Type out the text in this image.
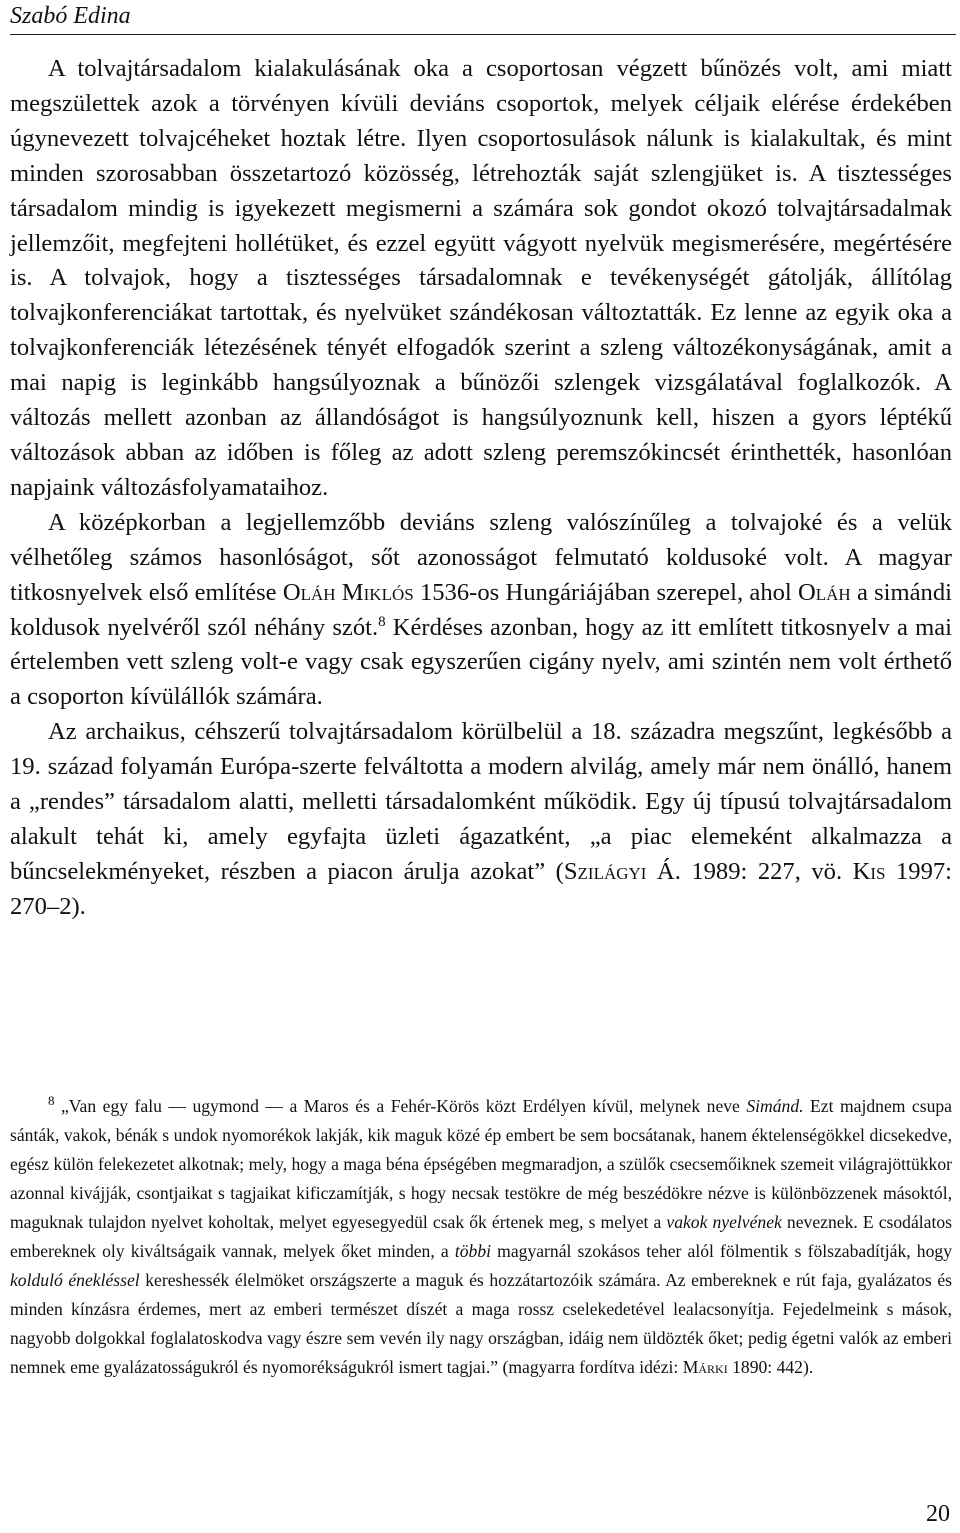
Szabó Edina

A tolvajtársadalom kialakulásának oka a csoportosan végzett bűnözés volt, ami miatt megszülettek azok a törvényen kívüli deviáns csoportok, melyek céljaik elérése érdekében úgynevezett tolvajcéheket hoztak létre. Ilyen csoportosulások nálunk is kialakultak, és mint minden szorosabban összetartozó közösség, létrehozták saját szlengjüket is. A tisztességes társadalom mindig is igyekezett megismerni a számára sok gondot okozó tolvajtársadalmak jellemzőit, megfejteni hollétüket, és ezzel együtt vágyott nyelvük megismerésére, megértésére is. A tolvajok, hogy a tisztességes társadalomnak e tevékenységét gátolják, állítólag tolvajkonferenciákat tartottak, és nyelvüket szándékosan változtatták. Ez lenne az egyik oka a tolvajkonferenciák létezésének tényét elfogadók szerint a szleng változékonyságának, amit a mai napig is leginkább hangsúlyoznak a bűnözői szlengek vizsgálatával foglalkozók. A változás mellett azonban az állandóságot is hangsúlyoznunk kell, hiszen a gyors léptékű változások abban az időben is főleg az adott szleng peremszókincsét érinthették, hasonlóan napjaink változásfolyamataihoz.

A középkorban a legjellemzőbb deviáns szleng valószínűleg a tolvajoké és a velük vélhetőleg számos hasonlóságot, sőt azonosságot felmutató koldusoké volt. A magyar titkosnyelvek első említése Oláh Miklós 1536-os Hungáriájában szerepel, ahol Oláh a simándi koldusok nyelvéről szól néhány szót.$^8$ Kérdéses azonban, hogy az itt említett titkosnyelv a mai értelemben vett szleng volt-e vagy csak egyszerűen cigány nyelv, ami szintén nem volt érthető a csoporton kívülállók számára.

Az archaikus, céhszerű tolvajtársadalom körülbelül a 18. századra megszűnt, legkésőbb a 19. század folyamán Európa-szerte felváltotta a modern alvilág, amely már nem önálló, hanem a „rendes” társadalom alatti, melletti társadalomként működik. Egy új típusú tolvajtársadalom alakult tehát ki, amely egyfajta üzleti ágazatként, „a piac elemeként alkalmazza a bűncselekményeket, részben a piacon árulja azokat” (Szilágyi Á. 1989: 227, vö. Kis 1997: 270–2).

$^8$ „Van egy falu — ugymond — a Maros és a Fehér-Körös közt Erdélyen kívül, melynek neve Simánd. Ezt majdnem csupa sánták, vakok, bénák s undok nyomorékok lakják, kik maguk közé ép embert be sem bocsátanak, hanem éktelenségökkel dicsekedve, egész külön felekezetet alkotnak; mely, hogy a maga béna épségében megmaradjon, a szülők csecsemőiknek szemeit világrajöttükkor azonnal kivájják, csontjaikat s tagjaikat kificzamítják, s hogy necsak testökre de még beszédökre nézve is különbözzenek másoktól, maguknak tulajdon nyelvet koholtak, melyet egyesegyedül csak ők értenek meg, s melyet a vakok nyelvének neveznek. E csodálatos embereknek oly kiváltságaik vannak, melyek őket minden, a többi magyarnál szokásos teher alól fölmentik s fölszabadítják, hogy kolduló énekléssel kereshessék élelmöket országszerte a maguk és hozzátartozóik számára. Az embereknek e rút faja, gyalázatos és minden kínzásra érdemes, mert az emberi természet díszét a maga rossz cselekedetével lealacsonyítja. Fejedelmeink s mások, nagyobb dolgokkal foglalatoskodva vagy észre sem vevén ily nagy országban, idáig nem üldözték őket; pedig égetni valók az emberi nemnek eme gyalázatosságukról és nyomorékságukról ismert tagjai.” (magyarra fordítva idézi: Márki 1890: 442).

20
